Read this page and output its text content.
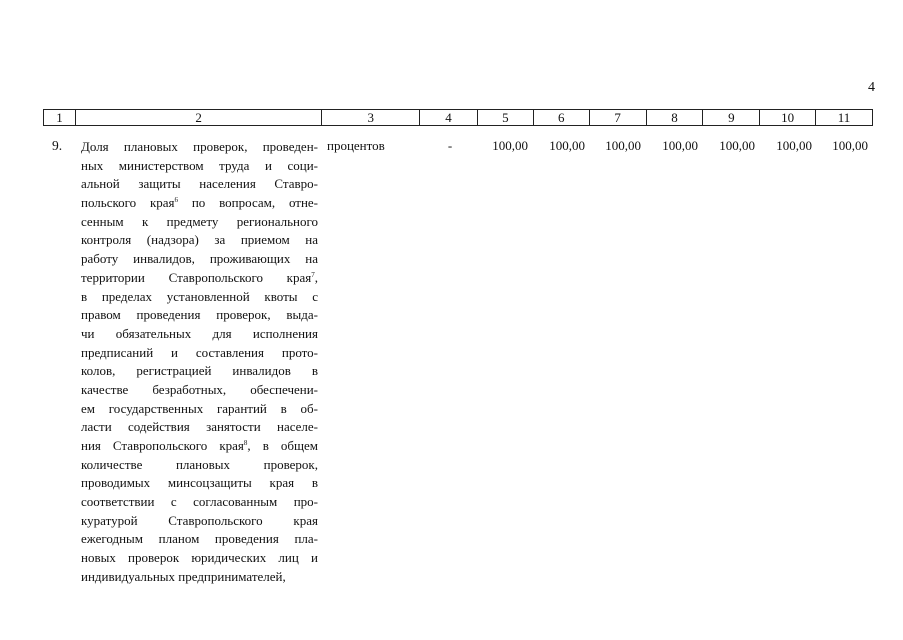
4
1	2	3	4	5	6	7	8	9	10	11
9. Доля плановых проверок, проведен-
ных министерством труда и соци-
альной защиты населения Ставро-
польского края$^6$ по вопросам, отне-
сенным к предмету регионального
контроля (надзора) за приемом на
работу инвалидов, проживающих на
территории Ставропольского края$^7$,
в пределах установленной квоты с
правом проведения проверок, выда-
чи обязательных для исполнения
предписаний и составления прото-
колов, регистрацией инвалидов в
качестве безработных, обеспечени-
ем государственных гарантий в об-
ласти содействия занятости населе-
ния Ставропольского края$^8$, в общем
количестве плановых проверок,
проводимых минсоцзащиты края в
соответствии с согласованным про-
куратурой Ставропольского края
ежегодным планом проведения пла-
новых проверок юридических лиц и
индивидуальных предпринимателей,
процентов	-	100,00	100,00	100,00	100,00	100,00	100,00	100,00
